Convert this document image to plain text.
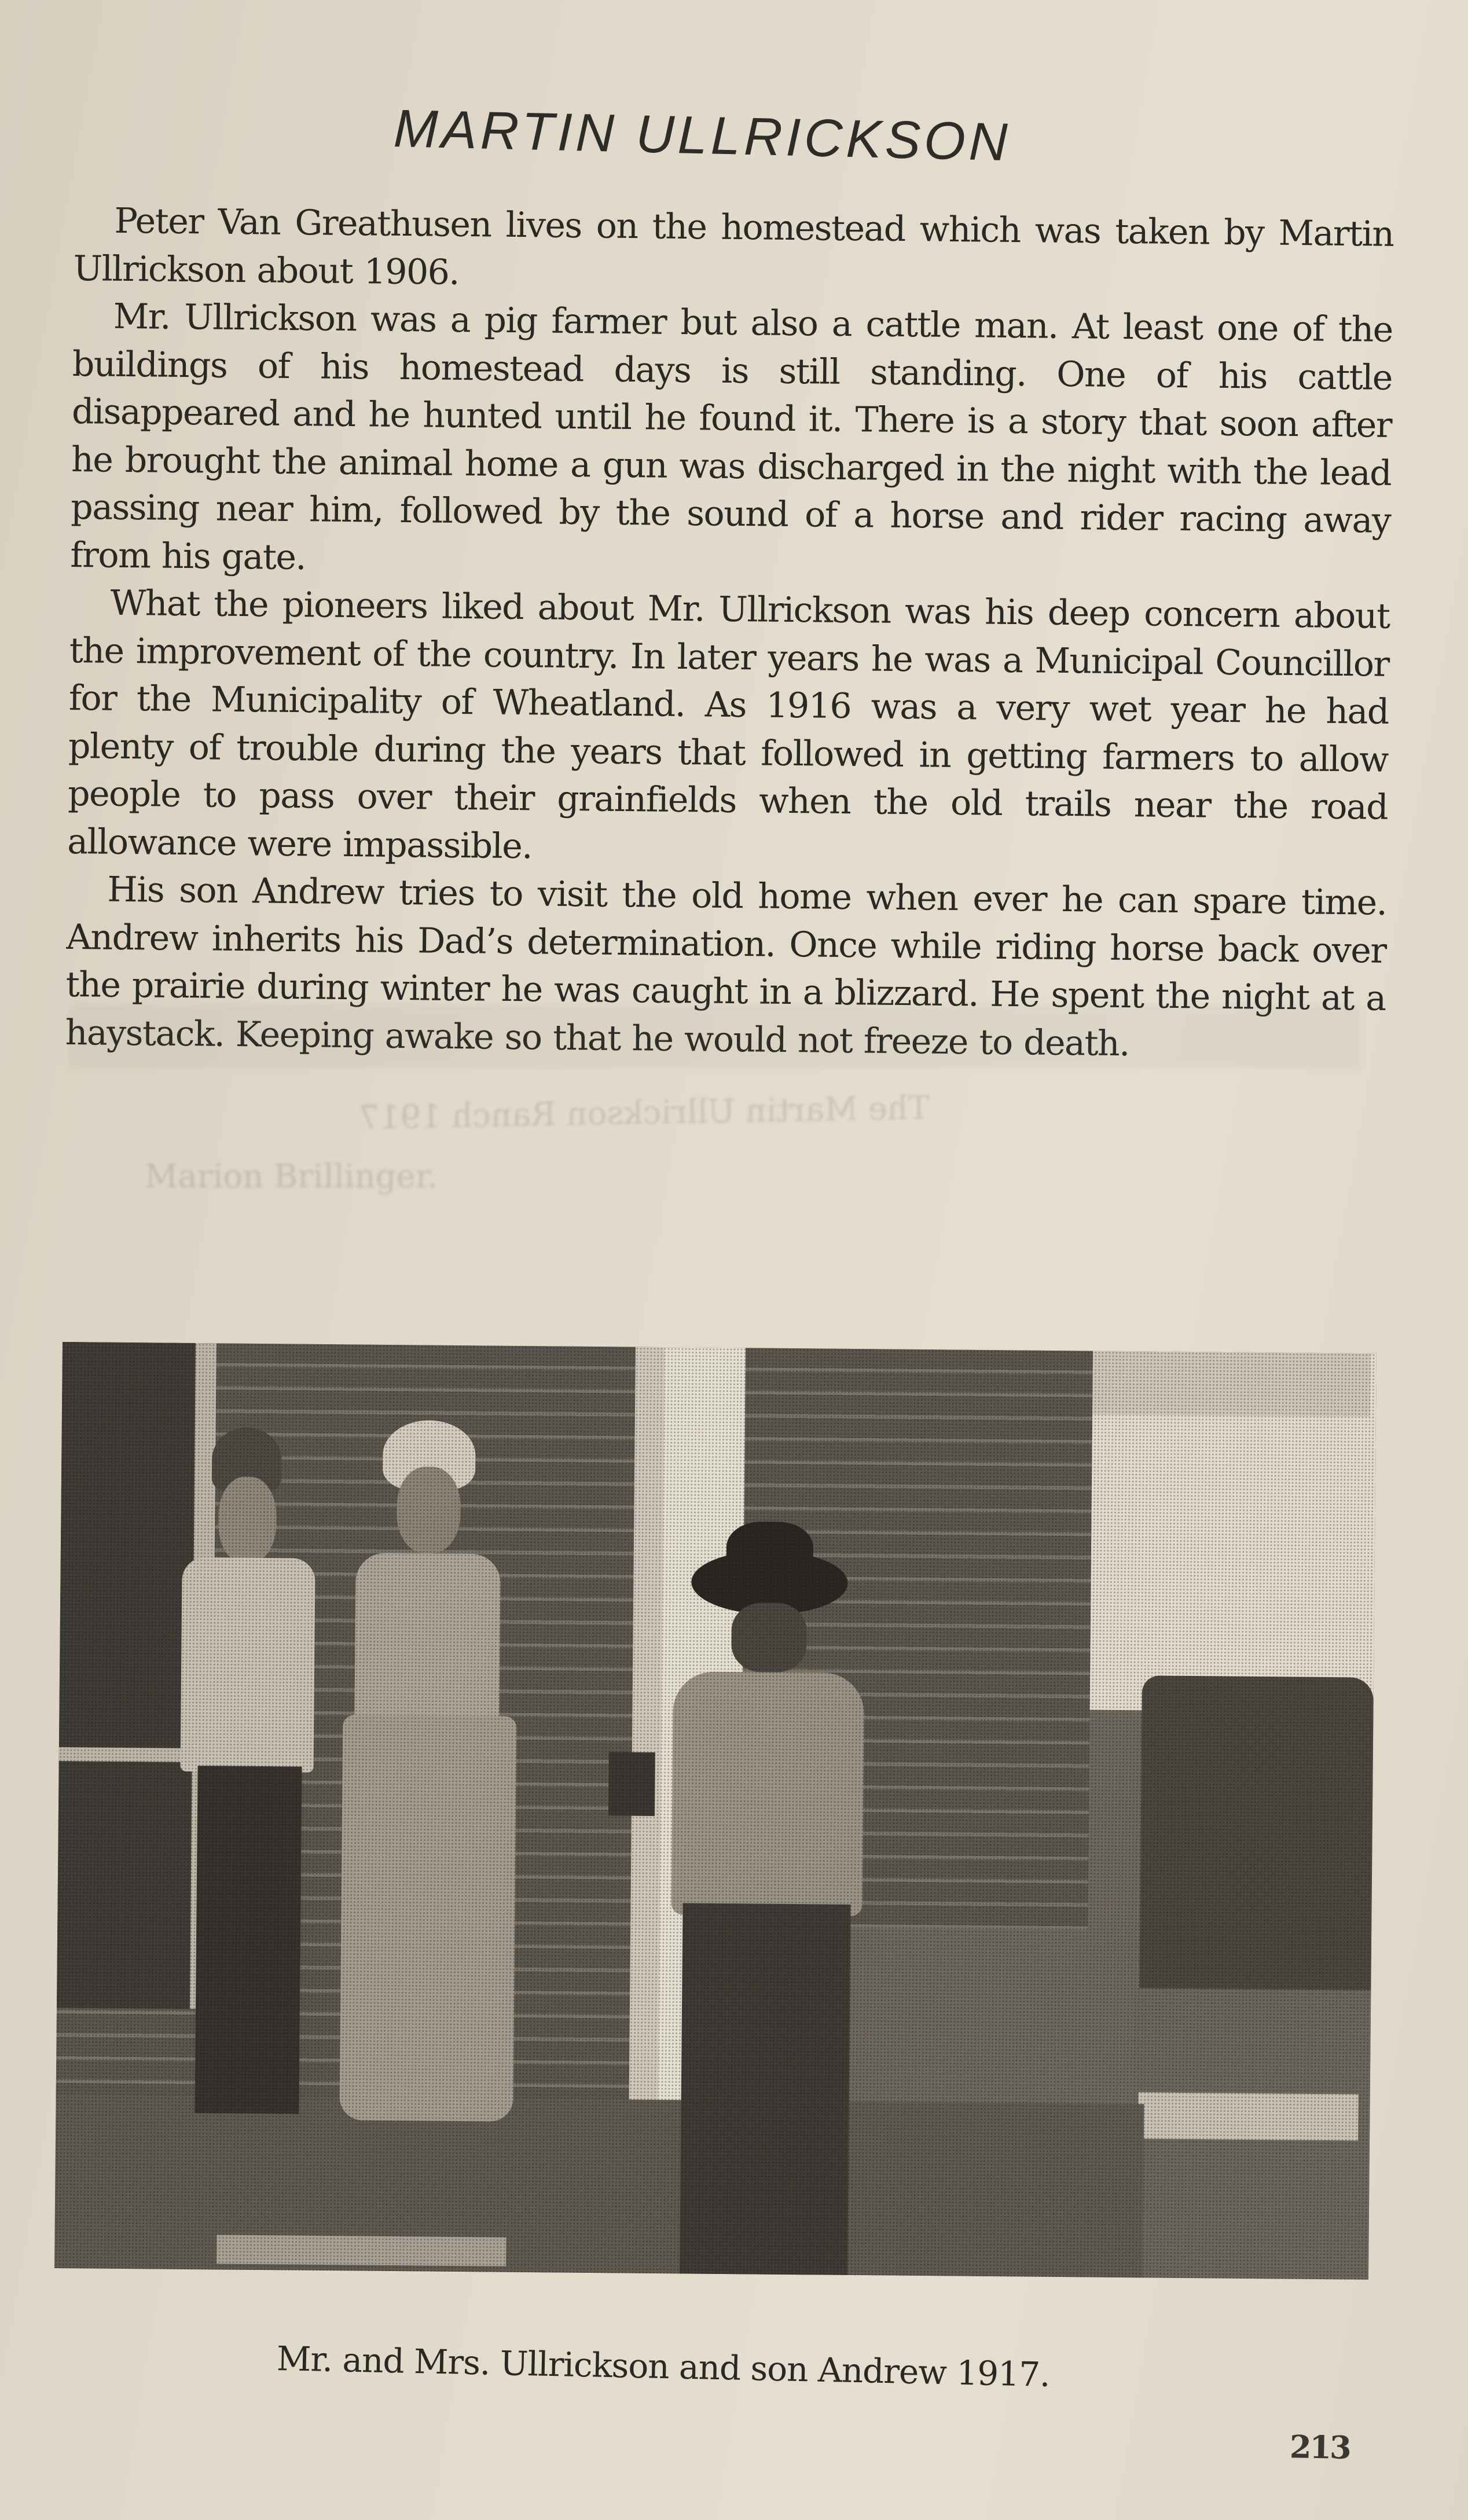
MARTIN ULLRICKSON

Peter Van Greathusen lives on the homestead which was taken by Martin Ullrickson about 1906.

Mr. Ullrickson was a pig farmer but also a cattle man. At least one of the buildings of his homestead days is still standing. One of his cattle disappeared and he hunted until he found it. There is a story that soon after he brought the animal home a gun was discharged in the night with the lead passing near him, followed by the sound of a horse and rider racing away from his gate.

What the pioneers liked about Mr. Ullrickson was his deep concern about the improvement of the country. In later years he was a Municipal Councillor for the Municipality of Wheatland. As 1916 was a very wet year he had plenty of trouble during the years that followed in getting farmers to allow people to pass over their grainfields when the old trails near the road allowance were impassible.

His son Andrew tries to visit the old home when ever he can spare time. Andrew inherits his Dad’s determination. Once while riding horse back over the prairie during winter he was caught in a blizzard. He spent the night at a haystack. Keeping awake so that he would not freeze to death.

The Martin Ullrickson Ranch 1917
Marion Brillinger.
Mr. and Mrs. Ullrickson and son Andrew 1917.
213
